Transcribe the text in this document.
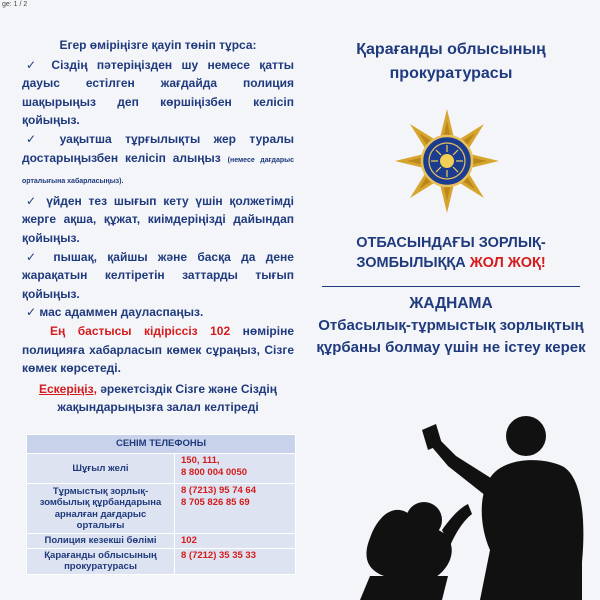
ge: 1 / 2
Егер өміріңізге қауіп төніп тұрса:
✓ Сіздің пәтеріңізден шу немесе қатты дауыс естілген жағдайда полиция шақырыңыз деп көршіңізбен келісіп қойыңыз.
✓ уақытша тұрғылықты жер туралы достарыңызбен келісіп алыңыз (немесе дағдарыс орталығына хабарласыңыз).
✓ үйден тез шығып кету үшін қолжетімді жерге ақша, құжат, киімдеріңізді дайындап қойыңыз.
✓ пышақ, қайшы және басқа да дене жарақатын келтіретін заттарды тығып қойыңыз.
✓ мас адаммен дауласпаңыз.
Ең бастысы кідіріссіз 102 нөміріне полицияға хабарласып көмек сұраңыз, Сізге көмек көрсетеді.
Ескеріңіз, әрекетсіздік Сізге және Сіздің жақындарыңызға залал келтіреді
СЕНІМ ТЕЛЕФОНЫ	
Шұғыл желі	150, 111,
8 800 004 0050
Тұрмыстық зорлық-зомбылық құрбандарына арналған дағдарыс орталығы	8 (7213) 95 74 64
8 705 826 85 69
Полиция кезекші бөлімі	102
Қарағанды облысының прокуратурасы	8 (7212) 35 35 33
Қарағанды облысының прокуратурасы
ОТБАСЫНДАҒЫ ЗОРЛЫҚ-
ЗОМБЫЛЫҚҚА ЖОЛ ЖОҚ!
ЖАДНАМА
Отбасылық-тұрмыстық зорлықтың құрбаны болмау үшін не істеу керек
